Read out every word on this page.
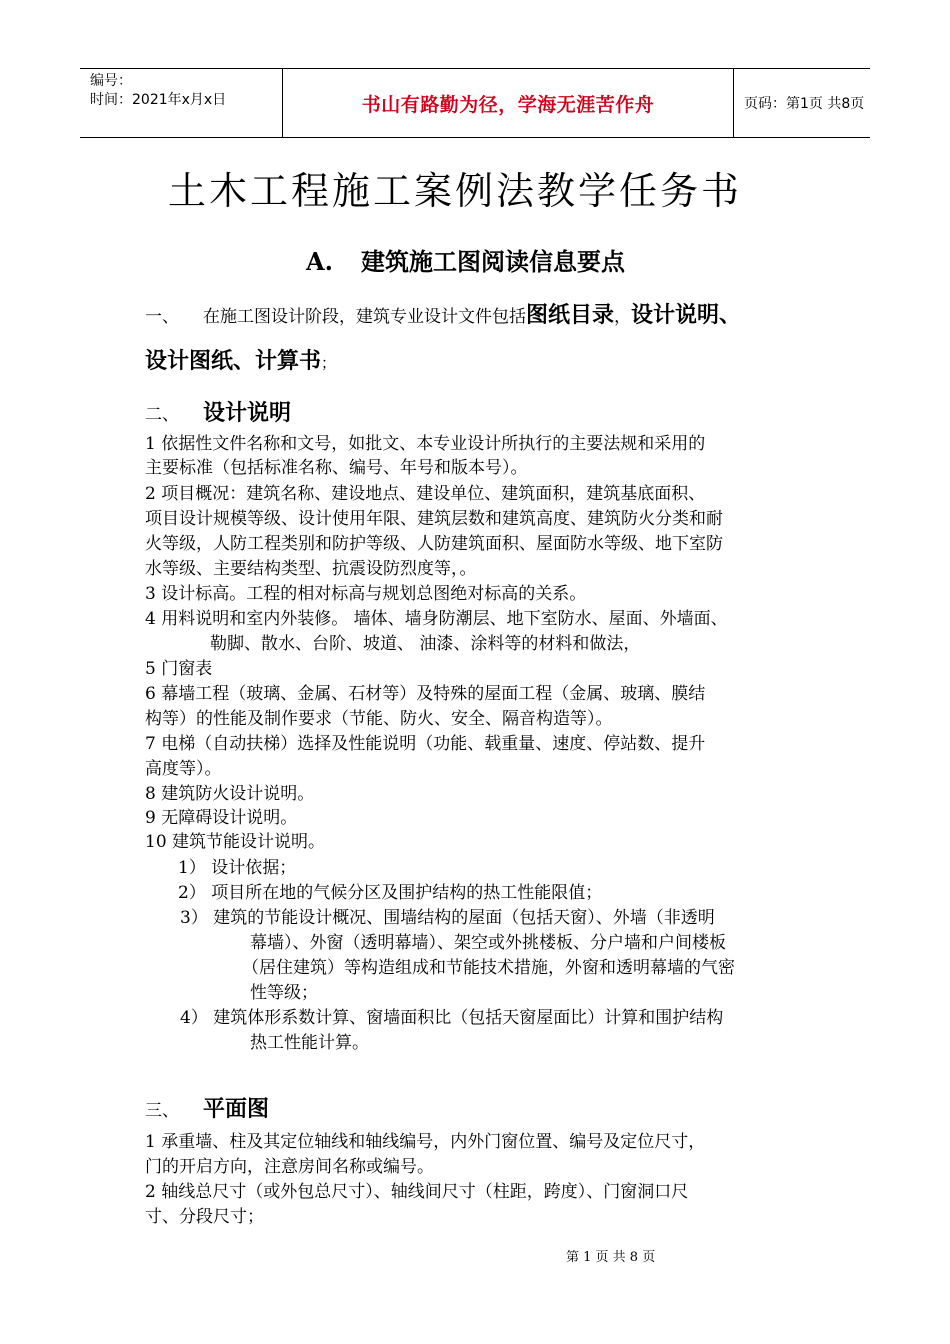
编号：
时间：2021年x月x日	书山有路勤为径，学海无涯苦作舟	页码：第1页 共8页
土木工程施工案例法教学任务书
A. 建筑施工图阅读信息要点
一、 在施工图设计阶段，建筑专业设计文件包括图纸目录，设计说明、
设计图纸、计算书；
二、 设计说明
1 依据性文件名称和文号，如批文、本专业设计所执行的主要法规和采用的
主要标准（包括标准名称、编号、年号和版本号）。
2 项目概况：建筑名称、建设地点、建设单位、建筑面积，建筑基底面积、
项目设计规模等级、设计使用年限、建筑层数和建筑高度、建筑防火分类和耐
火等级，人防工程类别和防护等级、人防建筑面积、屋面防水等级、地下室防
水等级、主要结构类型、抗震设防烈度等，。
3 设计标高。工程的相对标高与规划总图绝对标高的关系。
4 用料说明和室内外装修。 墙体、墙身防潮层、地下室防水、屋面、外墙面、
勒脚、散水、台阶、坡道、 油漆、涂料等的材料和做法，
5 门窗表
6 幕墙工程（玻璃、金属、石材等）及特殊的屋面工程（金属、玻璃、膜结
构等）的性能及制作要求（节能、防火、安全、隔音构造等）。
7 电梯（自动扶梯）选择及性能说明（功能、载重量、速度、停站数、提升
高度等）。
8 建筑防火设计说明。
9 无障碍设计说明。
10 建筑节能设计说明。
1） 设计依据；
2） 项目所在地的气候分区及围护结构的热工性能限值；
3） 建筑的节能设计概况、围墙结构的屋面（包括天窗）、外墙（非透明
幕墙）、外窗（透明幕墙）、架空或外挑楼板、分户墙和户间楼板
（居住建筑）等构造组成和节能技术措施，外窗和透明幕墙的气密
性等级；
4） 建筑体形系数计算、窗墙面积比（包括天窗屋面比）计算和围护结构
热工性能计算。
三、 平面图
1 承重墙、柱及其定位轴线和轴线编号，内外门窗位置、编号及定位尺寸，
门的开启方向，注意房间名称或编号。
2 轴线总尺寸（或外包总尺寸）、轴线间尺寸（柱距，跨度）、门窗洞口尺
寸、分段尺寸；
第 1 页 共 8 页
